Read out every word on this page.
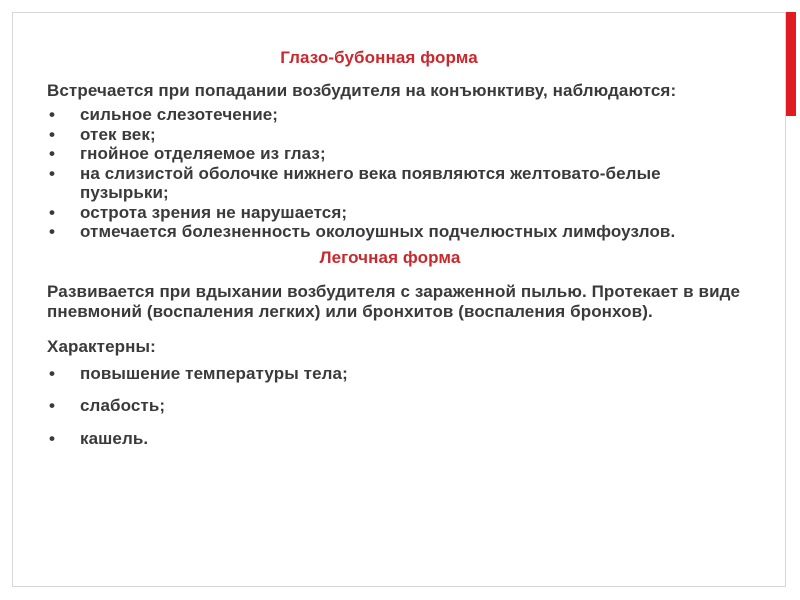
Глазо-бубонная форма

Встречается при попадании возбудителя на конъюнктиву, наблюдаются:

• сильное слезотечение;
• отек век;
• гнойное отделяемое из глаз;
• на слизистой оболочке нижнего века появляются желтовато-белые пузырьки;
• острота зрения не нарушается;
• отмечается болезненность околоушных подчелюстных лимфоузлов.
Легочная форма

Развивается при вдыхании возбудителя с зараженной пылью. Протекает в виде пневмоний (воспаления легких) или бронхитов (воспаления бронхов).

Характерны:

• повышение температуры тела;
• слабость;
• кашель.
